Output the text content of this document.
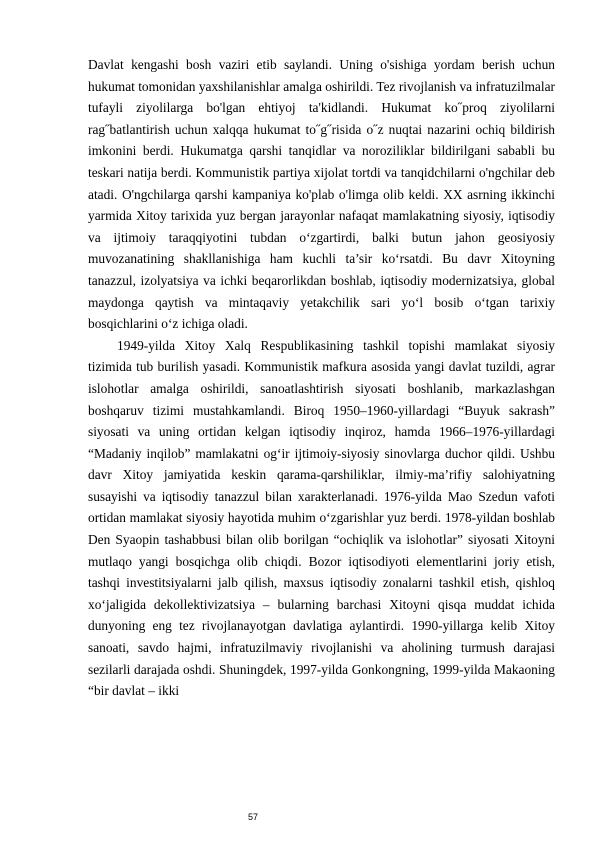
Davlat kengashi bosh vaziri etib saylandi. Uning o'sishiga yordam berish uchun hukumat tomonidan yaxshilanishlar amalga oshirildi. Tez rivojlanish va infratuzilmalar tufayli ziyolilarga bo'lgan ehtiyoj ta'kidlandi. Hukumat ko˝proq ziyolilarni rag˝batlantirish uchun xalqqa hukumat to˝g˝risida o˝z nuqtai nazarini ochiq bildirish imkonini berdi. Hukumatga qarshi tanqidlar va noroziliklar bildirilgani sababli bu teskari natija berdi. Kommunistik partiya xijolat tortdi va tanqidchilarni o'ngchilar deb atadi. O'ngchilarga qarshi kampaniya ko'plab o'limga olib keldi. XX asrning ikkinchi yarmida Xitoy tarixida yuz bergan jarayonlar nafaqat mamlakatning siyosiy, iqtisodiy va ijtimoiy taraqqiyotini tubdan o‘zgartirdi, balki butun jahon geosiyosiy muvozanatining shakllanishiga ham kuchli ta’sir ko‘rsatdi. Bu davr Xitoyning tanazzul, izolyatsiya va ichki beqarorlikdan boshlab, iqtisodiy modernizatsiya, global maydonga qaytish va mintaqaviy yetakchilik sari yo‘l bosib o‘tgan tarixiy bosqichlarini o‘z ichiga oladi.

1949-yilda Xitoy Xalq Respublikasining tashkil topishi mamlakat siyosiy tizimida tub burilish yasadi. Kommunistik mafkura asosida yangi davlat tuzildi, agrar islohotlar amalga oshirildi, sanoatlashtirish siyosati boshlanib, markazlashgan boshqaruv tizimi mustahkamlandi. Biroq 1950–1960-yillardagi “Buyuk sakrash” siyosati va uning ortidan kelgan iqtisodiy inqiroz, hamda 1966–1976-yillardagi “Madaniy inqilob” mamlakatni og‘ir ijtimoiy-siyosiy sinovlarga duchor qildi. Ushbu davr Xitoy jamiyatida keskin qarama-qarshiliklar, ilmiy-ma’rifiy salohiyatning susayishi va iqtisodiy tanazzul bilan xarakterlanadi. 1976-yilda Mao Szedun vafoti ortidan mamlakat siyosiy hayotida muhim o‘zgarishlar yuz berdi. 1978-yildan boshlab Den Syaopin tashabbusi bilan olib borilgan “ochiqlik va islohotlar” siyosati Xitoyni mutlaqo yangi bosqichga olib chiqdi. Bozor iqtisodiyoti elementlarini joriy etish, tashqi investitsiyalarni jalb qilish, maxsus iqtisodiy zonalarni tashkil etish, qishloq xo‘jaligida dekollektivizatsiya – bularning barchasi Xitoyni qisqa muddat ichida dunyoning eng tez rivojlanayotgan davlatiga aylantirdi. 1990-yillarga kelib Xitoy sanoati, savdo hajmi, infratuzilmaviy rivojlanishi va aholining turmush darajasi sezilarli darajada oshdi. Shuningdek, 1997-yilda Gonkongning, 1999-yilda Makaoning “bir davlat – ikki

57
